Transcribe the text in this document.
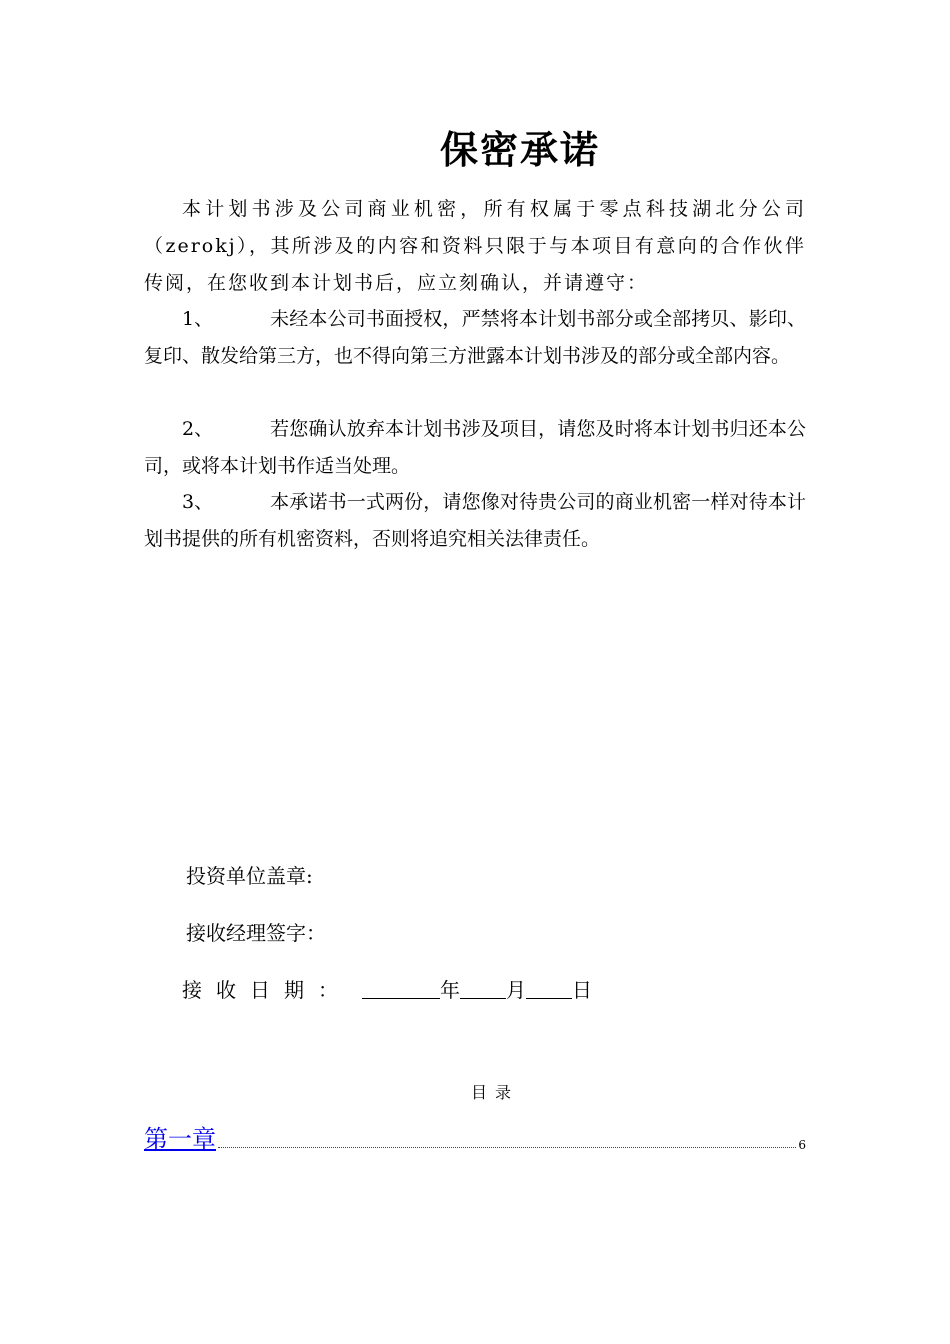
保密承诺

本计划书涉及公司商业机密，所有权属于零点科技湖北分公司（zerokj），其所涉及的内容和资料只限于与本项目有意向的合作伙伴传阅，在您收到本计划书后，应立刻确认，并请遵守：

1、	未经本公司书面授权，严禁将本计划书部分或全部拷贝、影印、复印、散发给第三方，也不得向第三方泄露本计划书涉及的部分或全部内容。

2、	若您确认放弃本计划书涉及项目，请您及时将本计划书归还本公司，或将本计划书作适当处理。

3、	本承诺书一式两份，请您像对待贵公司的商业机密一样对待本计划书提供的所有机密资料，否则将追究相关法律责任。

投资单位盖章:

接收经理签字：

接收日期：	年 月 日

目录

第一章	6
